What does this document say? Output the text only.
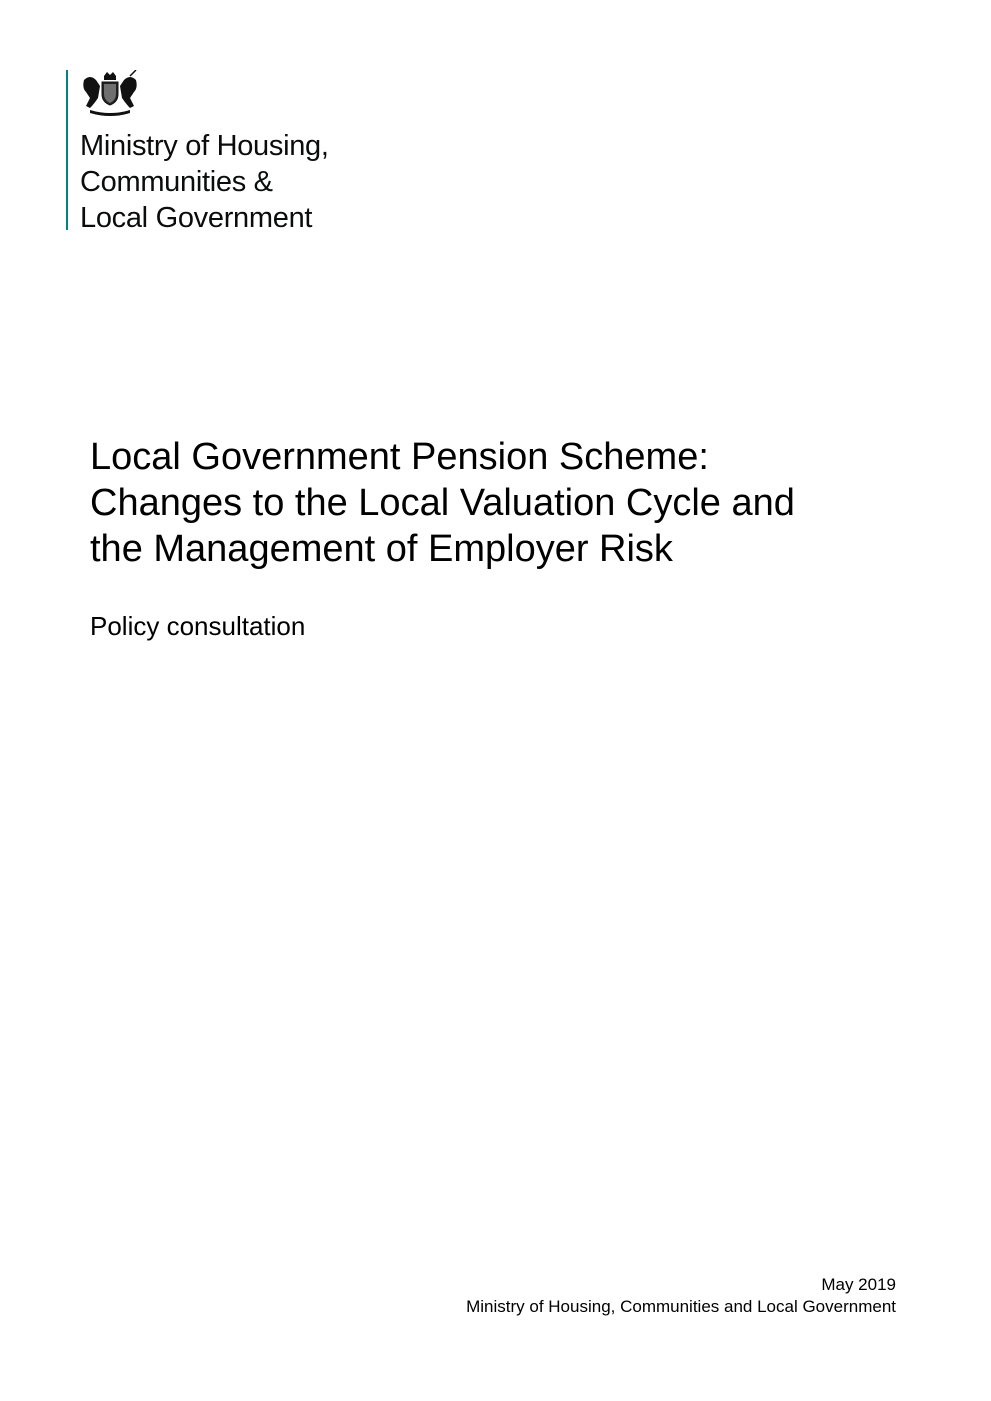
Ministry of Housing,
Communities &
Local Government
Local Government Pension Scheme:
Changes to the Local Valuation Cycle and
the Management of Employer Risk
Policy consultation
May 2019
Ministry of Housing, Communities and Local Government
